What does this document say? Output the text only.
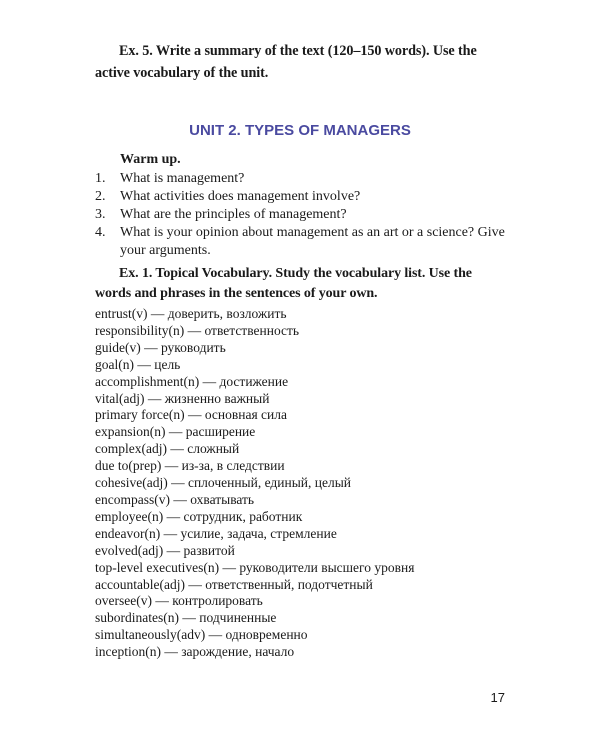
Ex. 5. Write a summary of the text (120–150 words). Use the active vocabulary of the unit.

UNIT 2. TYPES OF MANAGERS

Warm up.

1.	What is management?
2.	What activities does management involve?
3.	What are the principles of management?
4.	What is your opinion about management as an art or a science? Give your arguments.

Ex. 1. Topical Vocabulary. Study the vocabulary list. Use the words and phrases in the sentences of your own.

entrust(v) — доверить, возложить
responsibility(n) — ответственность
guide(v) — руководить
goal(n) — цель
accomplishment(n) — достижение
vital(adj) — жизненно важный
primary force(n) — основная сила
expansion(n) — расширение
complex(adj) — сложный
due to(prep) — из-за, в следствии
cohesive(adj) — сплоченный, единый, целый
encompass(v) — охватывать
employee(n) — сотрудник, работник
endeavor(n) — усилие, задача, стремление
evolved(adj) — развитой
top-level executives(n) — руководители высшего уровня
accountable(adj) — ответственный, подотчетный
oversee(v) — контролировать
subordinates(n) — подчиненные
simultaneously(adv) — одновременно
inception(n) — зарождение, начало

17
